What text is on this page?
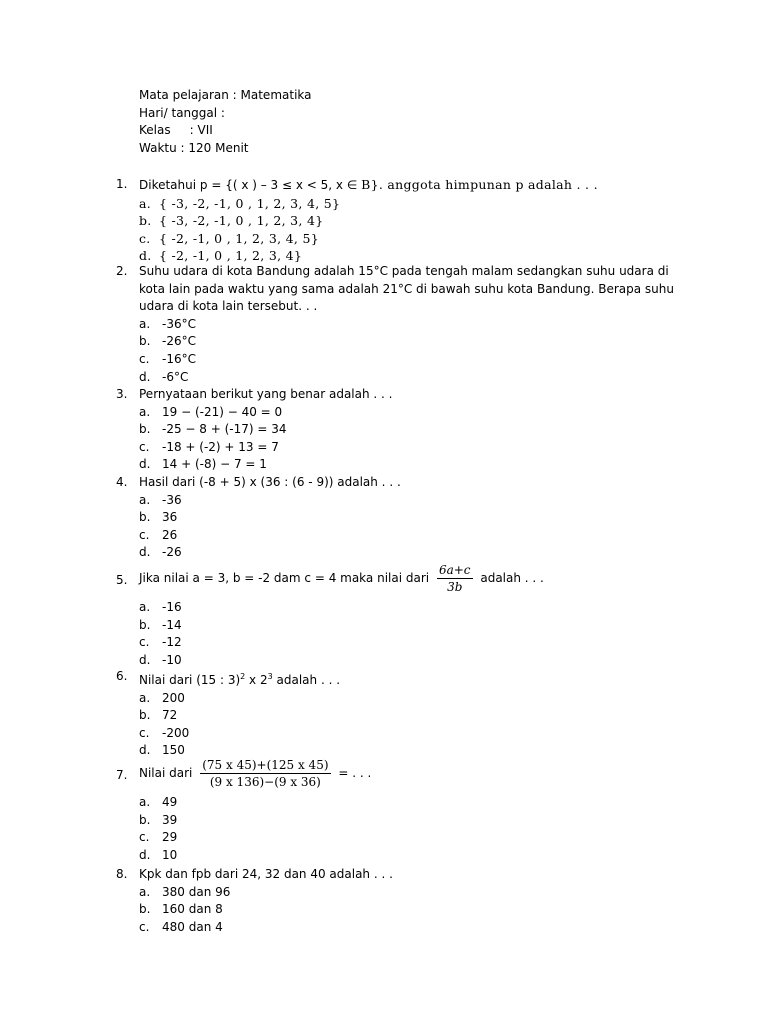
Mata pelajaran : Matematika
Hari/ tanggal :
Kelas     : VII
Waktu : 120 Menit
1. Diketahui p = {( x ) – 3 ≤ x < 5, x ∈ B}. anggota himpunan p adalah . . .
a. { -3, -2, -1, 0 , 1, 2, 3, 4, 5}
b. { -3, -2, -1, 0 , 1, 2, 3, 4}
c. { -2, -1, 0 , 1, 2, 3, 4, 5}
d. { -2, -1, 0 , 1, 2, 3, 4}
2. Suhu udara di kota Bandung adalah 15°C pada tengah malam sedangkan suhu udara di kota lain pada waktu yang sama adalah 21°C di bawah suhu kota Bandung. Berapa suhu udara di kota lain tersebut. . .
a. -36°C
b. -26°C
c. -16°C
d. -6°C
3. Pernyataan berikut yang benar adalah . . .
a. 19 − (-21) − 40 = 0
b. -25 − 8 + (-17) = 34
c. -18 + (-2) + 13 = 7
d. 14 + (-8) − 7 = 1
4. Hasil dari (-8 + 5) x (36 : (6 - 9)) adalah . . .
a. -36
b. 36
c. 26
d. -26
5. Jika nilai a = 3, b = -2 dam c = 4 maka nilai dari $\frac{6a+c}{3b}$ adalah . . .
a. -16
b. -14
c. -12
d. -10
6. Nilai dari (15 : 3)$^2$ x $2^3$ adalah . . .
a. 200
b. 72
c. -200
d. 150
7. Nilai dari $\frac{(75 x 45)+(125 x 45)}{(9 x 136)-(9 x 36)}$ = . . .
a. 49
b. 39
c. 29
d. 10
8. Kpk dan fpb dari 24, 32 dan 40 adalah . . .
a. 380 dan 96
b. 160 dan 8
c. 480 dan 4
